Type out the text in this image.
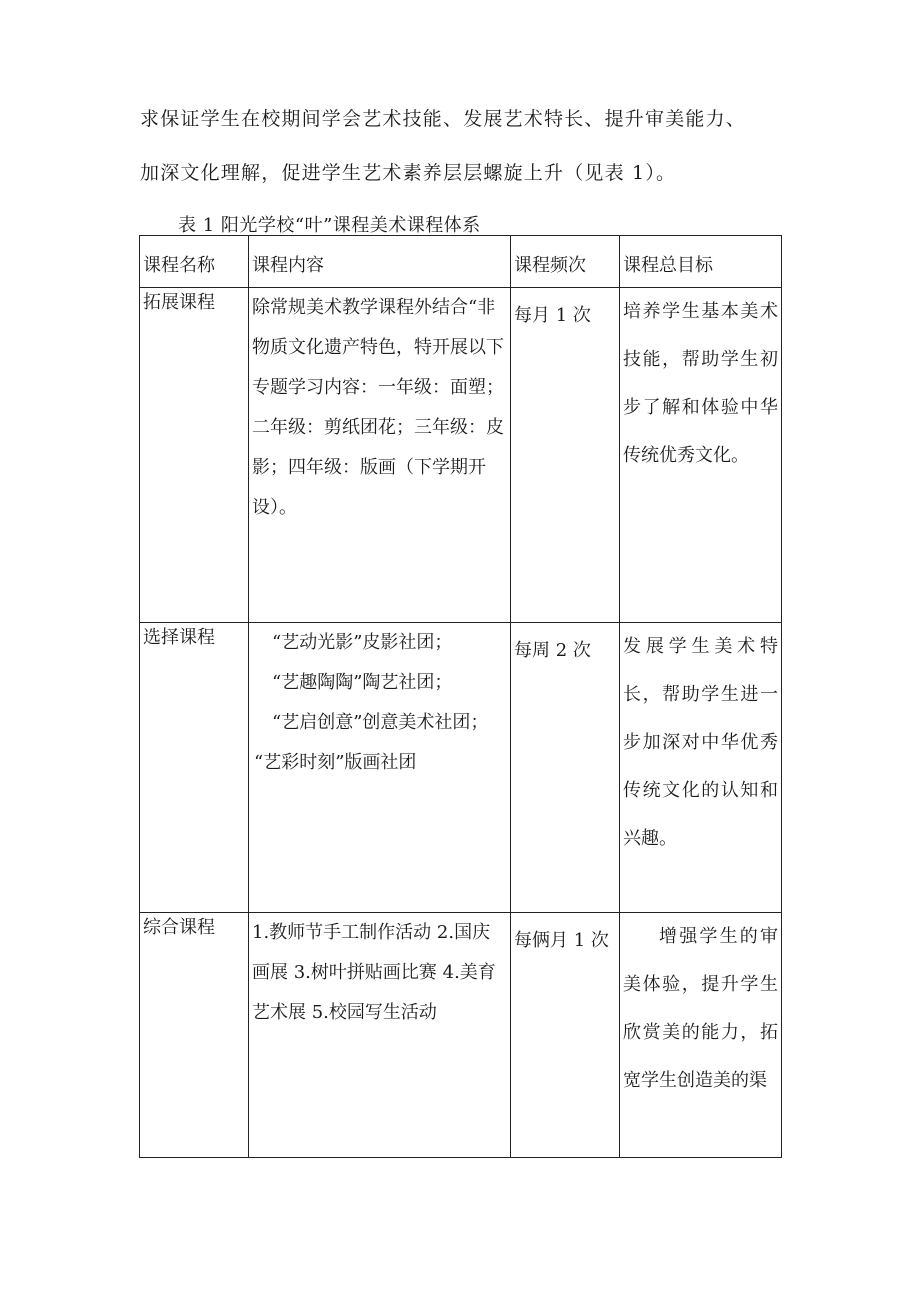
求保证学生在校期间学会艺术技能、发展艺术特长、提升审美能力、
加深文化理解，促进学生艺术素养层层螺旋上升（见表 1）。
表 1 阳光学校“叶”课程美术课程体系
课程名称	课程内容	课程频次	课程总目标
拓展课程	除常规美术教学课程外结合“非物质文化遗产特色，特开展以下专题学习内容：一年级：面塑；二年级：剪纸团花；三年级：皮影；四年级：版画（下学期开设）。	每月 1 次	培养学生基本美术技能，帮助学生初步了解和体验中华传统优秀文化。
选择课程	“艺动光影”皮影社团；
“艺趣陶陶”陶艺社团；
“艺启创意”创意美术社团；
“艺彩时刻”版画社团	每周 2 次	发展学生美术特长，帮助学生进一步加深对中华优秀传统文化的认知和兴趣。
综合课程	1.教师节手工制作活动 2.国庆画展 3.树叶拼贴画比赛 4.美育艺术展 5.校园写生活动	每俩月 1 次	增强学生的审美体验，提升学生欣赏美的能力，拓宽学生创造美的渠
